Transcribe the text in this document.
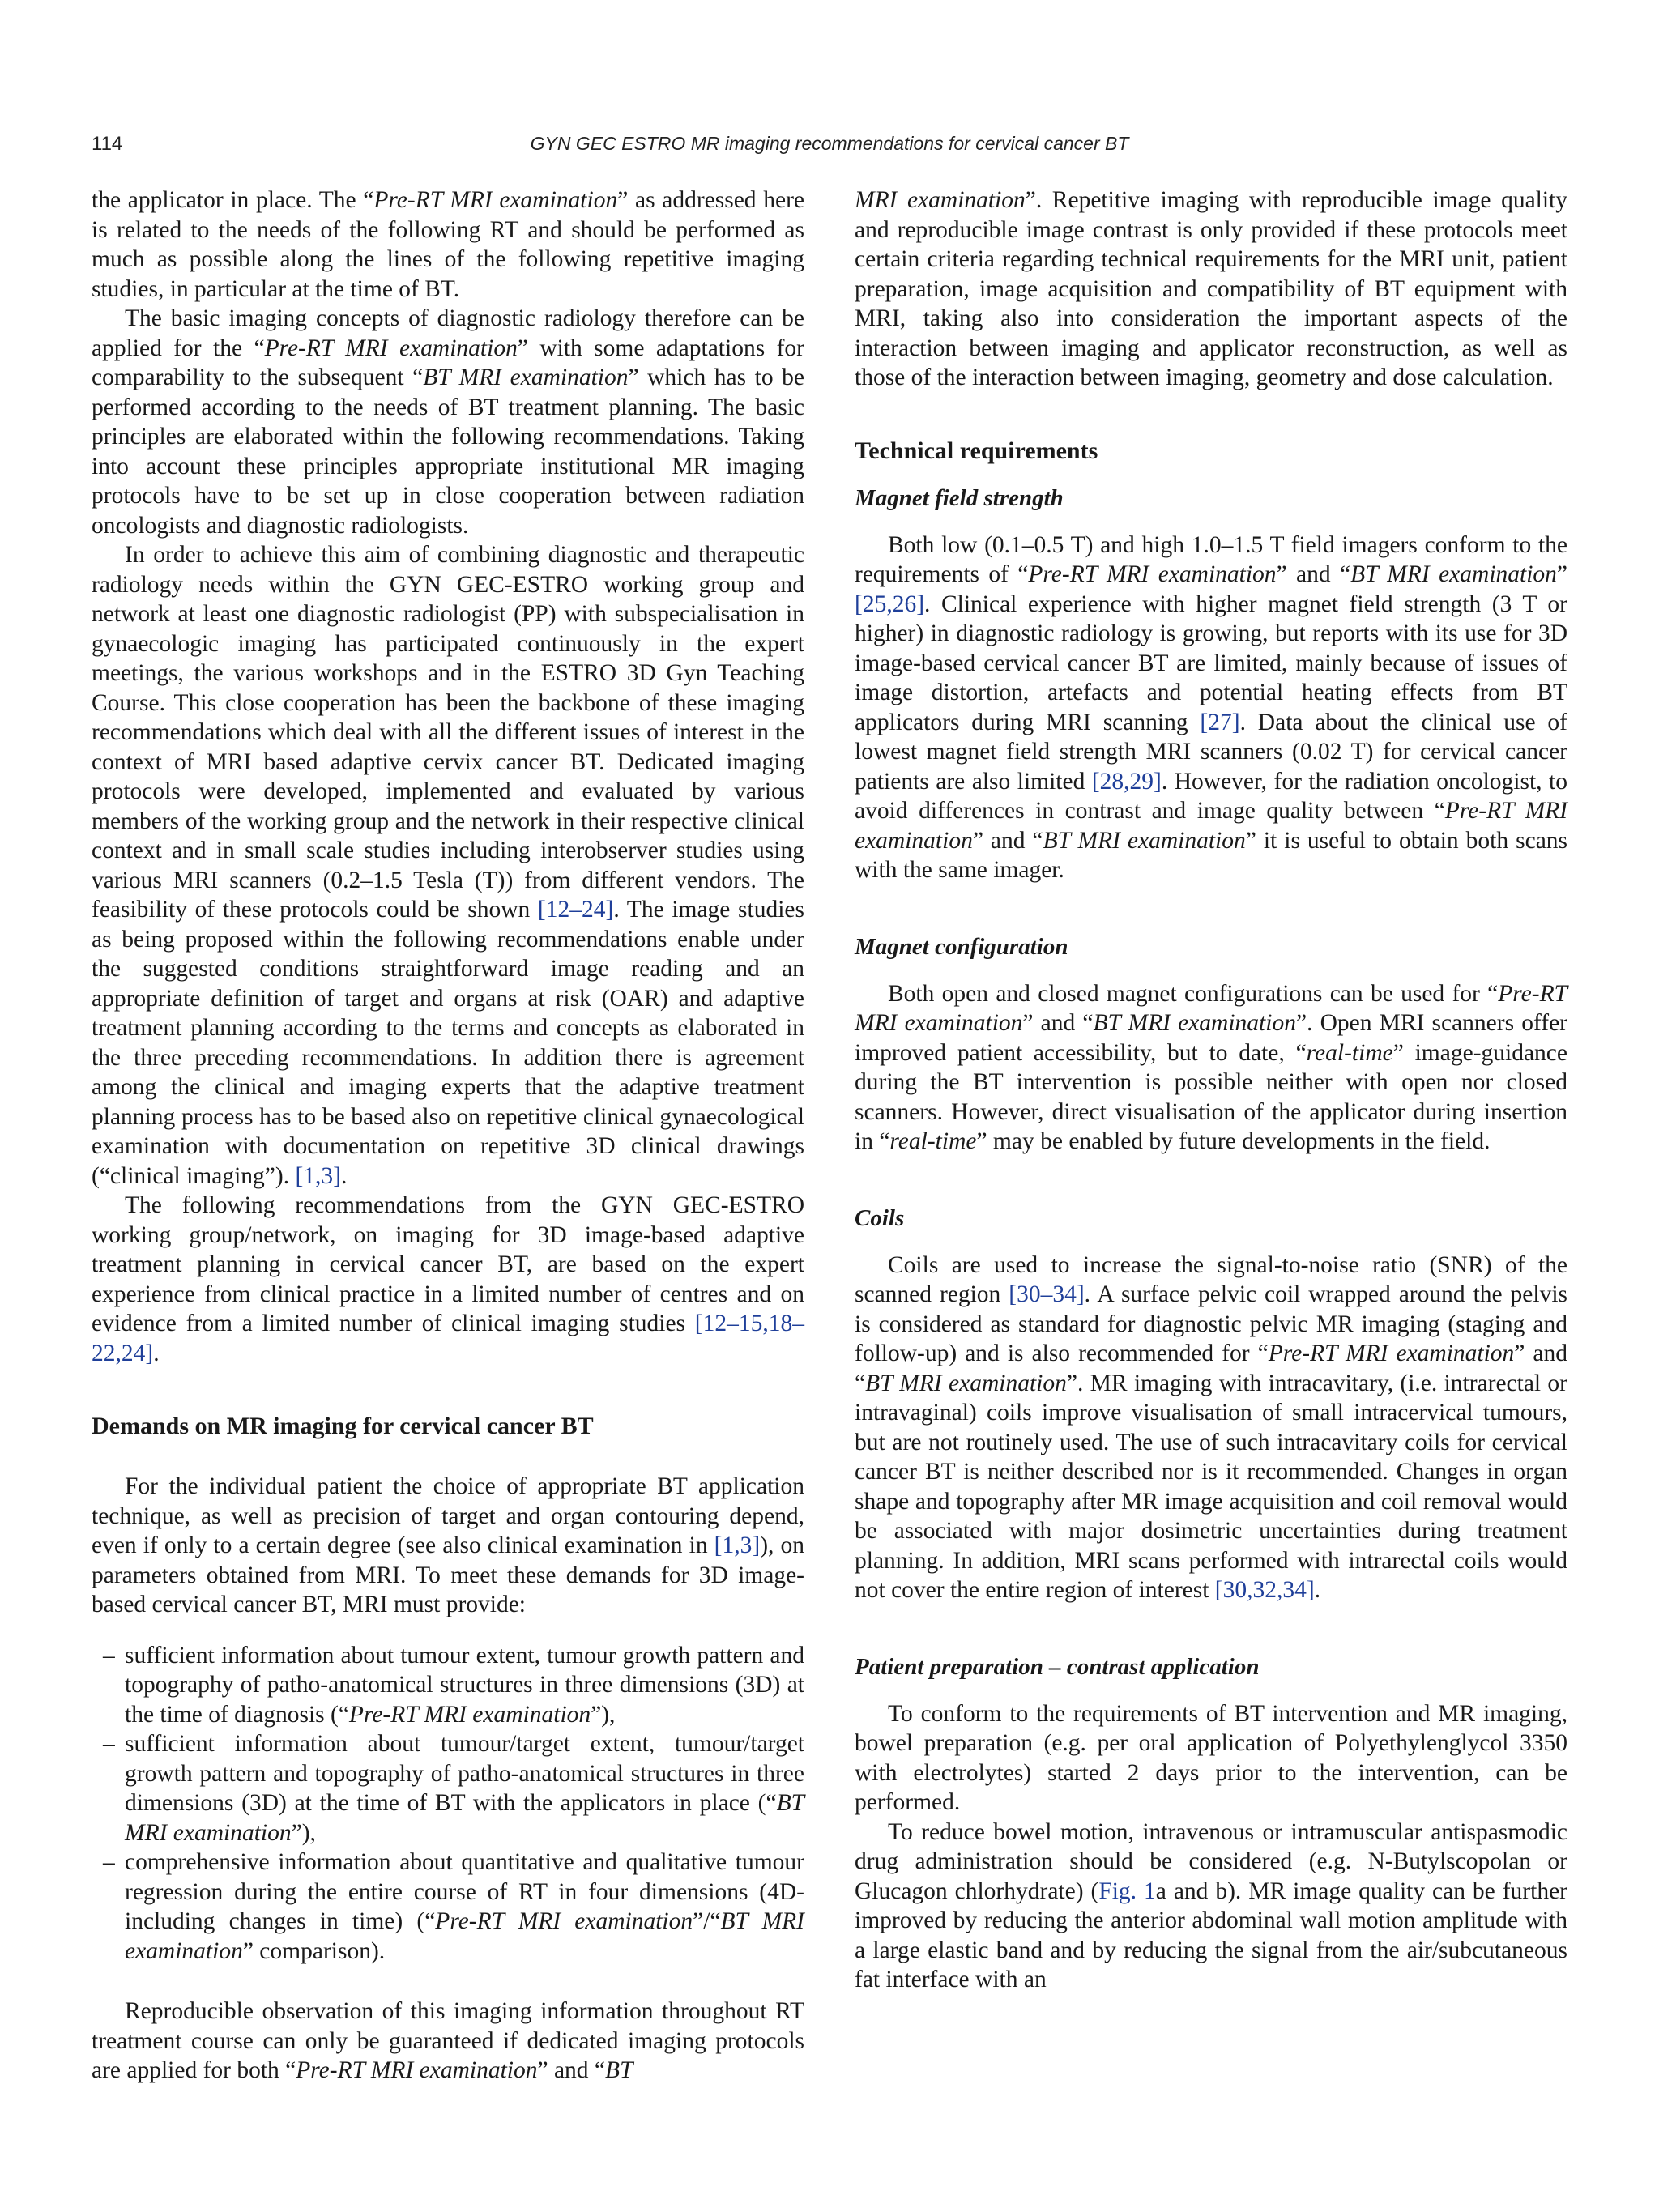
114	GYN GEC ESTRO MR imaging recommendations for cervical cancer BT

the applicator in place. The “Pre-RT MRI examination” as addressed here is related to the needs of the following RT and should be performed as much as possible along the lines of the following repetitive imaging studies, in particular at the time of BT.

The basic imaging concepts of diagnostic radiology therefore can be applied for the “Pre-RT MRI examination” with some adaptations for comparability to the subsequent “BT MRI examination” which has to be performed according to the needs of BT treatment planning. The basic principles are elaborated within the following recommendations. Taking into account these principles appropriate institutional MR imaging protocols have to be set up in close cooperation between radiation oncologists and diagnostic radiologists.

In order to achieve this aim of combining diagnostic and therapeutic radiology needs within the GYN GEC-ESTRO working group and network at least one diagnostic radiologist (PP) with subspecialisation in gynaecologic imaging has participated continuously in the expert meetings, the various workshops and in the ESTRO 3D Gyn Teaching Course. This close cooperation has been the backbone of these imaging recommendations which deal with all the different issues of interest in the context of MRI based adaptive cervix cancer BT. Dedicated imaging protocols were developed, implemented and evaluated by various members of the working group and the network in their respective clinical context and in small scale studies including interobserver studies using various MRI scanners (0.2–1.5 Tesla (T)) from different vendors. The feasibility of these protocols could be shown [12–24]. The image studies as being proposed within the following recommendations enable under the suggested conditions straightforward image reading and an appropriate definition of target and organs at risk (OAR) and adaptive treatment planning according to the terms and concepts as elaborated in the three preceding recommendations. In addition there is agreement among the clinical and imaging experts that the adaptive treatment planning process has to be based also on repetitive clinical gynaecological examination with documentation on repetitive 3D clinical drawings (“clinical imaging”). [1,3].

The following recommendations from the GYN GEC-ESTRO working group/network, on imaging for 3D image-based adaptive treatment planning in cervical cancer BT, are based on the expert experience from clinical practice in a limited number of centres and on evidence from a limited number of clinical imaging studies [12–15,18–22,24].

Demands on MR imaging for cervical cancer BT

For the individual patient the choice of appropriate BT application technique, as well as precision of target and organ contouring depend, even if only to a certain degree (see also clinical examination in [1,3]), on parameters obtained from MRI. To meet these demands for 3D image-based cervical cancer BT, MRI must provide:

– sufficient information about tumour extent, tumour growth pattern and topography of patho-anatomical structures in three dimensions (3D) at the time of diagnosis (“Pre-RT MRI examination”),
– sufficient information about tumour/target extent, tumour/target growth pattern and topography of patho-anatomical structures in three dimensions (3D) at the time of BT with the applicators in place (“BT MRI examination”),
– comprehensive information about quantitative and qualitative tumour regression during the entire course of RT in four dimensions (4D-including changes in time) (“Pre-RT MRI examination”/“BT MRI examination” comparison).

Reproducible observation of this imaging information throughout RT treatment course can only be guaranteed if dedicated imaging protocols are applied for both “Pre-RT MRI examination” and “BT

MRI examination”. Repetitive imaging with reproducible image quality and reproducible image contrast is only provided if these protocols meet certain criteria regarding technical requirements for the MRI unit, patient preparation, image acquisition and compatibility of BT equipment with MRI, taking also into consideration the important aspects of the interaction between imaging and applicator reconstruction, as well as those of the interaction between imaging, geometry and dose calculation.

Technical requirements
Magnet field strength

Both low (0.1–0.5 T) and high 1.0–1.5 T field imagers conform to the requirements of “Pre-RT MRI examination” and “BT MRI examination” [25,26]. Clinical experience with higher magnet field strength (3 T or higher) in diagnostic radiology is growing, but reports with its use for 3D image-based cervical cancer BT are limited, mainly because of issues of image distortion, artefacts and potential heating effects from BT applicators during MRI scanning [27]. Data about the clinical use of lowest magnet field strength MRI scanners (0.02 T) for cervical cancer patients are also limited [28,29]. However, for the radiation oncologist, to avoid differences in contrast and image quality between “Pre-RT MRI examination” and “BT MRI examination” it is useful to obtain both scans with the same imager.

Magnet configuration

Both open and closed magnet configurations can be used for “Pre-RT MRI examination” and “BT MRI examination”. Open MRI scanners offer improved patient accessibility, but to date, “real-time” image-guidance during the BT intervention is possible neither with open nor closed scanners. However, direct visualisation of the applicator during insertion in “real-time” may be enabled by future developments in the field.

Coils

Coils are used to increase the signal-to-noise ratio (SNR) of the scanned region [30–34]. A surface pelvic coil wrapped around the pelvis is considered as standard for diagnostic pelvic MR imaging (staging and follow-up) and is also recommended for “Pre-RT MRI examination” and “BT MRI examination”. MR imaging with intracavitary, (i.e. intrarectal or intravaginal) coils improve visualisation of small intracervical tumours, but are not routinely used. The use of such intracavitary coils for cervical cancer BT is neither described nor is it recommended. Changes in organ shape and topography after MR image acquisition and coil removal would be associated with major dosimetric uncertainties during treatment planning. In addition, MRI scans performed with intrarectal coils would not cover the entire region of interest [30,32,34].

Patient preparation – contrast application

To conform to the requirements of BT intervention and MR imaging, bowel preparation (e.g. per oral application of Polyethylenglycol 3350 with electrolytes) started 2 days prior to the intervention, can be performed.

To reduce bowel motion, intravenous or intramuscular antispasmodic drug administration should be considered (e.g. N-Butylscopolan or Glucagon chlorhydrate) (Fig. 1a and b). MR image quality can be further improved by reducing the anterior abdominal wall motion amplitude with a large elastic band and by reducing the signal from the air/subcutaneous fat interface with an
